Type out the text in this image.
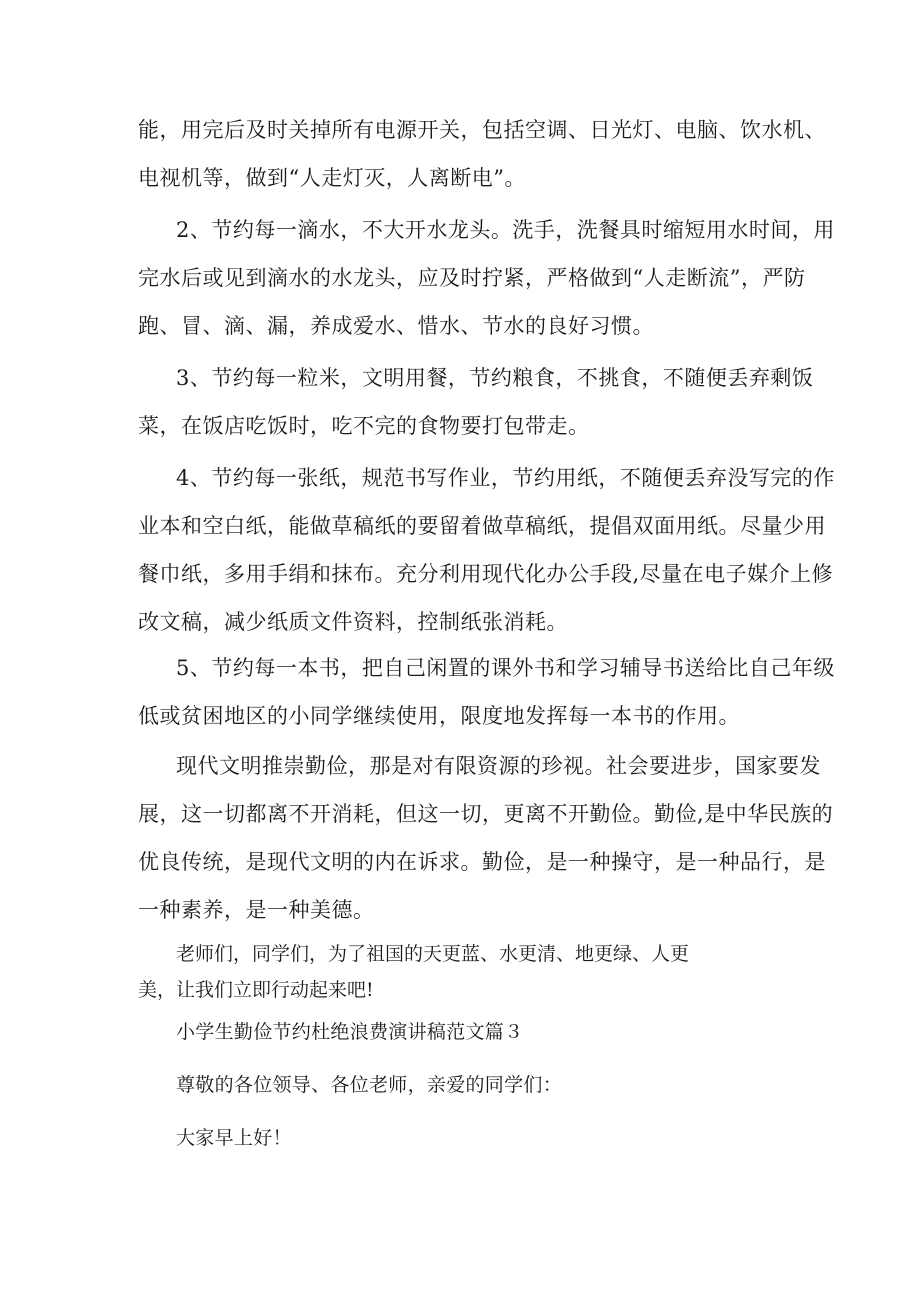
能，用完后及时关掉所有电源开关，包括空调、日光灯、电脑、饮水机、
电视机等，做到“人走灯灭，人离断电”。

2、节约每一滴水，不大开水龙头。洗手，洗餐具时缩短用水时间，用
完水后或见到滴水的水龙头，应及时拧紧，严格做到“人走断流”，严防
跑、冒、滴、漏，养成爱水、惜水、节水的良好习惯。

3、节约每一粒米，文明用餐，节约粮食，不挑食，不随便丢弃剩饭
菜，在饭店吃饭时，吃不完的食物要打包带走。

4、节约每一张纸，规范书写作业，节约用纸，不随便丢弃没写完的作
业本和空白纸，能做草稿纸的要留着做草稿纸，提倡双面用纸。尽量少用
餐巾纸，多用手绢和抹布。充分利用现代化办公手段,尽量在电子媒介上修
改文稿，减少纸质文件资料，控制纸张消耗。

5、节约每一本书，把自己闲置的课外书和学习辅导书送给比自己年级
低或贫困地区的小同学继续使用，限度地发挥每一本书的作用。

现代文明推崇勤俭，那是对有限资源的珍视。社会要进步，国家要发
展，这一切都离不开消耗，但这一切，更离不开勤俭。勤俭,是中华民族的
优良传统，是现代文明的内在诉求。勤俭，是一种操守，是一种品行，是
一种素养，是一种美德。

老师们，同学们，为了祖国的天更蓝、水更清、地更绿、人更
美，让我们立即行动起来吧!

小学生勤俭节约杜绝浪费演讲稿范文篇３

尊敬的各位领导、各位老师，亲爱的同学们：

大家早上好！
